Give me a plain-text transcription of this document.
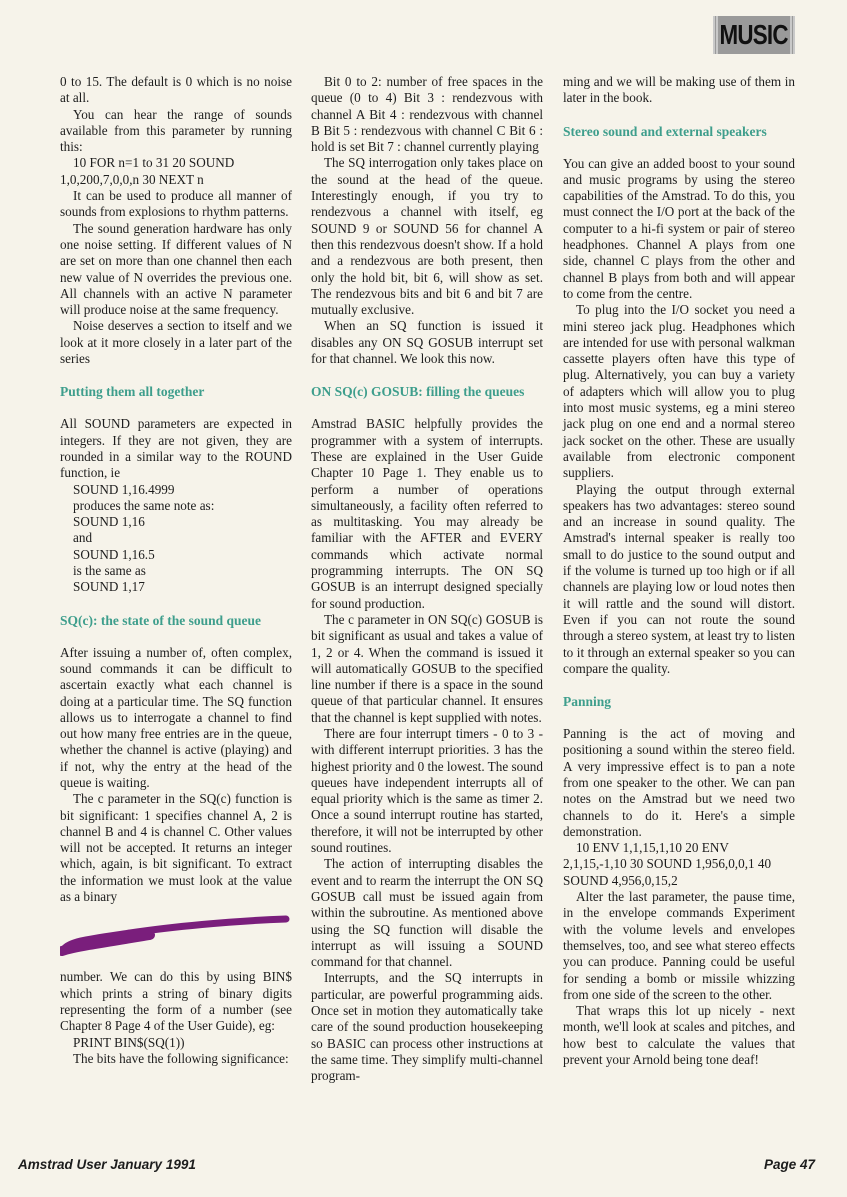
MUSIC

0 to 15. The default is 0 which is no noise at all.

You can hear the range of sounds available from this parameter by running this:

10 FOR n=1 to 31 20 SOUND 1,0,200,7,0,0,n 30 NEXT n

It can be used to produce all manner of sounds from explosions to rhythm patterns.

The sound generation hardware has only one noise setting. If different values of N are set on more than one channel then each new value of N overrides the previous one. All channels with an active N parameter will produce noise at the same frequency.

Noise deserves a section to itself and we look at it more closely in a later part of the series

Putting them all together

All SOUND parameters are expected in integers. If they are not given, they are rounded in a similar way to the ROUND function, ie

SOUND 1,16.4999

produces the same note as:

SOUND 1,16

and

SOUND 1,16.5

is the same as

SOUND 1,17

SQ(c): the state of the sound queue

After issuing a number of, often complex, sound commands it can be difficult to ascertain exactly what each channel is doing at a particular time. The SQ function allows us to interrogate a channel to find out how many free entries are in the queue, whether the channel is active (playing) and if not, why the entry at the head of the queue is waiting.

The c parameter in the SQ(c) function is bit significant: 1 specifies channel A, 2 is channel B and 4 is channel C. Other values will not be accepted. It returns an integer which, again, is bit significant. To extract the information we must look at the value as a binary

number. We can do this by using BIN$ which prints a string of binary digits representing the form of a number (see Chapter 8 Page 4 of the User Guide), eg:

PRINT BIN$(SQ(1))

The bits have the following significance:

Bit 0 to 2: number of free spaces in the queue (0 to 4) Bit 3 : rendezvous with channel A Bit 4 : rendezvous with channel B Bit 5 : rendezvous with channel C Bit 6 : hold is set Bit 7 : channel currently playing

The SQ interrogation only takes place on the sound at the head of the queue. Interestingly enough, if you try to rendezvous a channel with itself, eg SOUND 9 or SOUND 56 for channel A then this rendezvous doesn't show. If a hold and a rendezvous are both present, then only the hold bit, bit 6, will show as set. The rendezvous bits and bit 6 and bit 7 are mutually exclusive.

When an SQ function is issued it disables any ON SQ GOSUB interrupt set for that channel. We look this now.

ON SQ(c) GOSUB: filling the queues

Amstrad BASIC helpfully provides the programmer with a system of interrupts. These are explained in the User Guide Chapter 10 Page 1. They enable us to perform a number of operations simultaneously, a facility often referred to as multitasking. You may already be familiar with the AFTER and EVERY commands which activate normal programming interrupts. The ON SQ GOSUB is an interrupt designed specially for sound production.

The c parameter in ON SQ(c) GOSUB is bit significant as usual and takes a value of 1, 2 or 4. When the command is issued it will automatically GOSUB to the specified line number if there is a space in the sound queue of that particular channel. It ensures that the channel is kept supplied with notes.

There are four interrupt timers - 0 to 3 - with different interrupt priorities. 3 has the highest priority and 0 the lowest. The sound queues have independent interrupts all of equal priority which is the same as timer 2. Once a sound interrupt routine has started, therefore, it will not be interrupted by other sound routines.

The action of interrupting disables the event and to rearm the interrupt the ON SQ GOSUB call must be issued again from within the subroutine. As mentioned above using the SQ function will disable the interrupt as will issuing a SOUND command for that channel.

Interrupts, and the SQ interrupts in particular, are powerful programming aids. Once set in motion they automatically take care of the sound production housekeeping so BASIC can process other instructions at the same time. They simplify multi-channel program-

ming and we will be making use of them in later in the book.

Stereo sound and external speakers

You can give an added boost to your sound and music programs by using the stereo capabilities of the Amstrad. To do this, you must connect the I/O port at the back of the computer to a hi-fi system or pair of stereo headphones. Channel A plays from one side, channel C plays from the other and channel B plays from both and will appear to come from the centre.

To plug into the I/O socket you need a mini stereo jack plug. Headphones which are intended for use with personal walkman cassette players often have this type of plug. Alternatively, you can buy a variety of adapters which will allow you to plug into most music systems, eg a mini stereo jack plug on one end and a normal stereo jack socket on the other. These are usually available from electronic component suppliers.

Playing the output through external speakers has two advantages: stereo sound and an increase in sound quality. The Amstrad's internal speaker is really too small to do justice to the sound output and if the volume is turned up too high or if all channels are playing low or loud notes then it will rattle and the sound will distort. Even if you can not route the sound through a stereo system, at least try to listen to it through an external speaker so you can compare the quality.

Panning

Panning is the act of moving and positioning a sound within the stereo field. A very impressive effect is to pan a note from one speaker to the other. We can pan notes on the Amstrad but we need two channels to do it. Here's a simple demonstration.

10 ENV 1,1,15,1,10 20 ENV 2,1,15,-1,10 30 SOUND 1,956,0,0,1 40 SOUND 4,956,0,15,2

Alter the last parameter, the pause time, in the envelope commands Experiment with the volume levels and envelopes themselves, too, and see what stereo effects you can produce. Panning could be useful for sending a bomb or missile whizzing from one side of the screen to the other.

That wraps this lot up nicely - next month, we'll look at scales and pitches, and how best to calculate the values that prevent your Arnold being tone deaf!

Amstrad User January 1991	Page 47
